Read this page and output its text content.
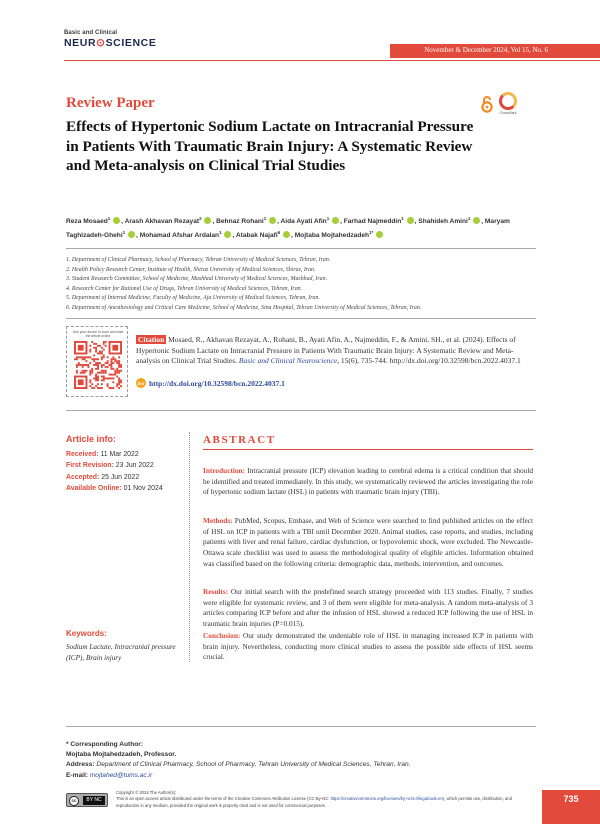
Basic and Clinical
NEUR⊙SCIENCE
November & December 2024, Vol 15, No. 6
Review Paper
CrossMark
Effects of Hypertonic Sodium Lactate on Intracranial Pressure in Patients With Traumatic Brain Injury: A Systematic Review and Meta-analysis on Clinical Trial Studies
Reza Mosaed$^1$ , Arash Akhavan Rezayat$^2$ , Behnaz Rohani$^1$ , Aida Ayati Afin$^1$ , Farhad Najmeddin$^1$ , Shahideh Amini$^1$ , Maryam Taghizadeh-Ghehi$^1$ , Mohamad Afshar Ardalan$^1$ , Atabak Najafi$^6$ , Mojtaba Mojtahedzadeh$^{1*}$
1. Department of Clinical Pharmacy, School of Pharmacy, Tehran University of Medical Sciences, Tehran, Iran.
2. Health Policy Research Center, Institute of Health, Shiraz University of Medical Sciences, Shiraz, Iran.
3. Student Research Committee, School of Medicine, Mashhad University of Medical Sciences, Mashhad, Iran.
4. Research Center for Rational Use of Drugs, Tehran University of Medical Sciences, Tehran, Iran.
5. Department of Internal Medicine, Faculty of Medicine, Aja University of Medical Sciences, Tehran, Iran.
6. Department of Anesthesiology and Critical Care Medicine, School of Medicine, Sina Hospital, Tehran University of Medical Sciences, Tehran, Iran.
Use your device to scan and read the article online	Citation Mosaed, R., Akhavan Rezayat, A., Rohani, B., Ayati Afin, A., Najmeddin, F., & Amini, SH., et al. (2024). Effects of Hypertonic Sodium Lactate on Intracranial Pressure in Patients With Traumatic Brain Injury: A Systematic Review and Meta-analysis on Clinical Trial Studies. Basic and Clinical Neuroscience, 15(6), 735-744. http://dx.doi.org/10.32598/bcn.2022.4037.1
doi http://dx.doi.org/10.32598/bcn.2022.4037.1
Article info:
Received: 11 Mar 2022
First Revision: 23 Jun 2022
Accepted: 25 Jun 2022
Available Online: 01 Nov 2024
Keywords:
Sodium Lactate, Intracranial pressure (ICP), Brain injury
ABSTRACT
Introduction: Intracranial pressure (ICP) elevation leading to cerebral edema is a critical condition that should be identified and treated immediately. In this study, we systematically reviewed the articles investigating the role of hypertonic sodium lactate (HSL) in patients with traumatic brain injury (TBI).
Methods: PubMed, Scopus, Embase, and Web of Science were searched to find published articles on the effect of HSL on ICP in patients with a TBI until December 2020. Animal studies, case reports, and studies, including patients with liver and renal failure, cardiac dysfunction, or hypovolemic shock, were excluded. The Newcastle-Ottawa scale checklist was used to assess the methodological quality of eligible articles. Information obtained was classified based on the following criteria: demographic data, methods, intervention, and outcomes.
Results: Our initial search with the predefined search strategy proceeded with 113 studies. Finally, 7 studies were eligible for systematic review, and 3 of them were eligible for meta-analysis. A random meta-analysis of 3 articles comparing ICP before and after the infusion of HSL showed a reduced ICP following the use of HSL in traumatic brain injuries (P=0.015).
Conclusion: Our study demonstrated the undeniable role of HSL in managing increased ICP in patients with brain injury. Nevertheless, conducting more clinical studies to assess the possible side effects of HSL seems crucial.
* Corresponding Author:
Mojtaba Mojtahedzadeh, Professor.
Address: Department of Clinical Pharmacy, School of Pharmacy, Tehran University of Medical Sciences, Tehran, Iran.
E-mail: mojtahed@tums.ac.ir
cc	BY NC
Copyright © 2024 The Author(s);
This is an open access article distributed under the terms of the Creative Commons Attribution License (CC-By-NC: https://creativecommons.org/licenses/by-nc/4.0/legalcode.en), which permits use, distribution, and reproduction in any medium, provided the original work is properly cited and is not used for commercial purposes.
735
